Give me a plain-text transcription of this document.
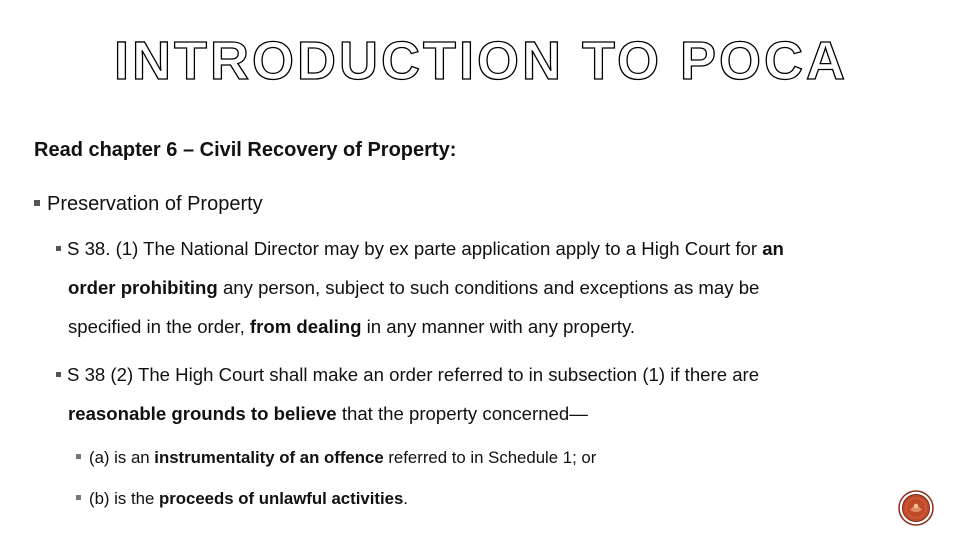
INTRODUCTION TO POCA
Read chapter 6 – Civil Recovery of Property:
Preservation of Property
S 38. (1) The National Director may by ex parte application apply to a High Court for an
order prohibiting any person, subject to such conditions and exceptions as may be
specified in the order, from dealing in any manner with any property.
S 38 (2) The High Court shall make an order referred to in subsection (1) if there are
reasonable grounds to believe that the property concerned—
(a) is an instrumentality of an offence referred to in Schedule 1; or
(b) is the proceeds of unlawful activities.
